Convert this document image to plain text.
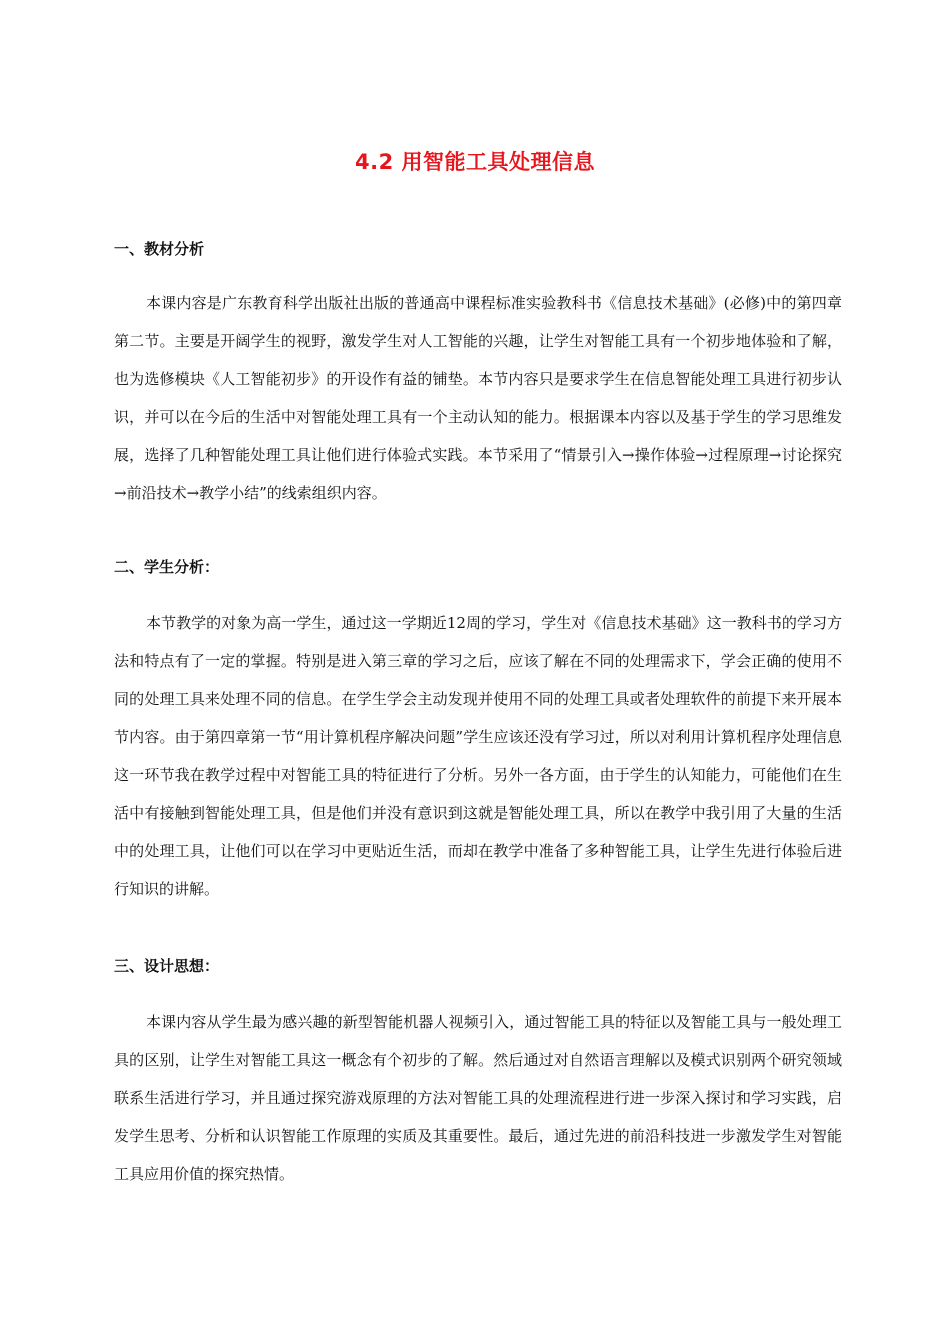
4.2 用智能工具处理信息
一、教材分析

本课内容是广东教育科学出版社出版的普通高中课程标准实验教科书《信息技术基础》(必修)中的第四章第二节。主要是开阔学生的视野，激发学生对人工智能的兴趣，让学生对智能工具有一个初步地体验和了解，也为选修模块《人工智能初步》的开设作有益的铺垫。本节内容只是要求学生在信息智能处理工具进行初步认识，并可以在今后的生活中对智能处理工具有一个主动认知的能力。根据课本内容以及基于学生的学习思维发展，选择了几种智能处理工具让他们进行体验式实践。本节采用了“情景引入→操作体验→过程原理→讨论探究→前沿技术→教学小结”的线索组织内容。

二、学生分析：

本节教学的对象为高一学生，通过这一学期近12周的学习，学生对《信息技术基础》这一教科书的学习方法和特点有了一定的掌握。特别是进入第三章的学习之后，应该了解在不同的处理需求下，学会正确的使用不同的处理工具来处理不同的信息。在学生学会主动发现并使用不同的处理工具或者处理软件的前提下来开展本节内容。由于第四章第一节“用计算机程序解决问题”学生应该还没有学习过，所以对利用计算机程序处理信息这一环节我在教学过程中对智能工具的特征进行了分析。另外一各方面，由于学生的认知能力，可能他们在生活中有接触到智能处理工具，但是他们并没有意识到这就是智能处理工具，所以在教学中我引用了大量的生活中的处理工具，让他们可以在学习中更贴近生活，而却在教学中准备了多种智能工具，让学生先进行体验后进行知识的讲解。

三、设计思想：

本课内容从学生最为感兴趣的新型智能机器人视频引入，通过智能工具的特征以及智能工具与一般处理工具的区别，让学生对智能工具这一概念有个初步的了解。然后通过对自然语言理解以及模式识别两个研究领域联系生活进行学习，并且通过探究游戏原理的方法对智能工具的处理流程进行进一步深入探讨和学习实践，启发学生思考、分析和认识智能工作原理的实质及其重要性。最后，通过先进的前沿科技进一步激发学生对智能工具应用价值的探究热情。
